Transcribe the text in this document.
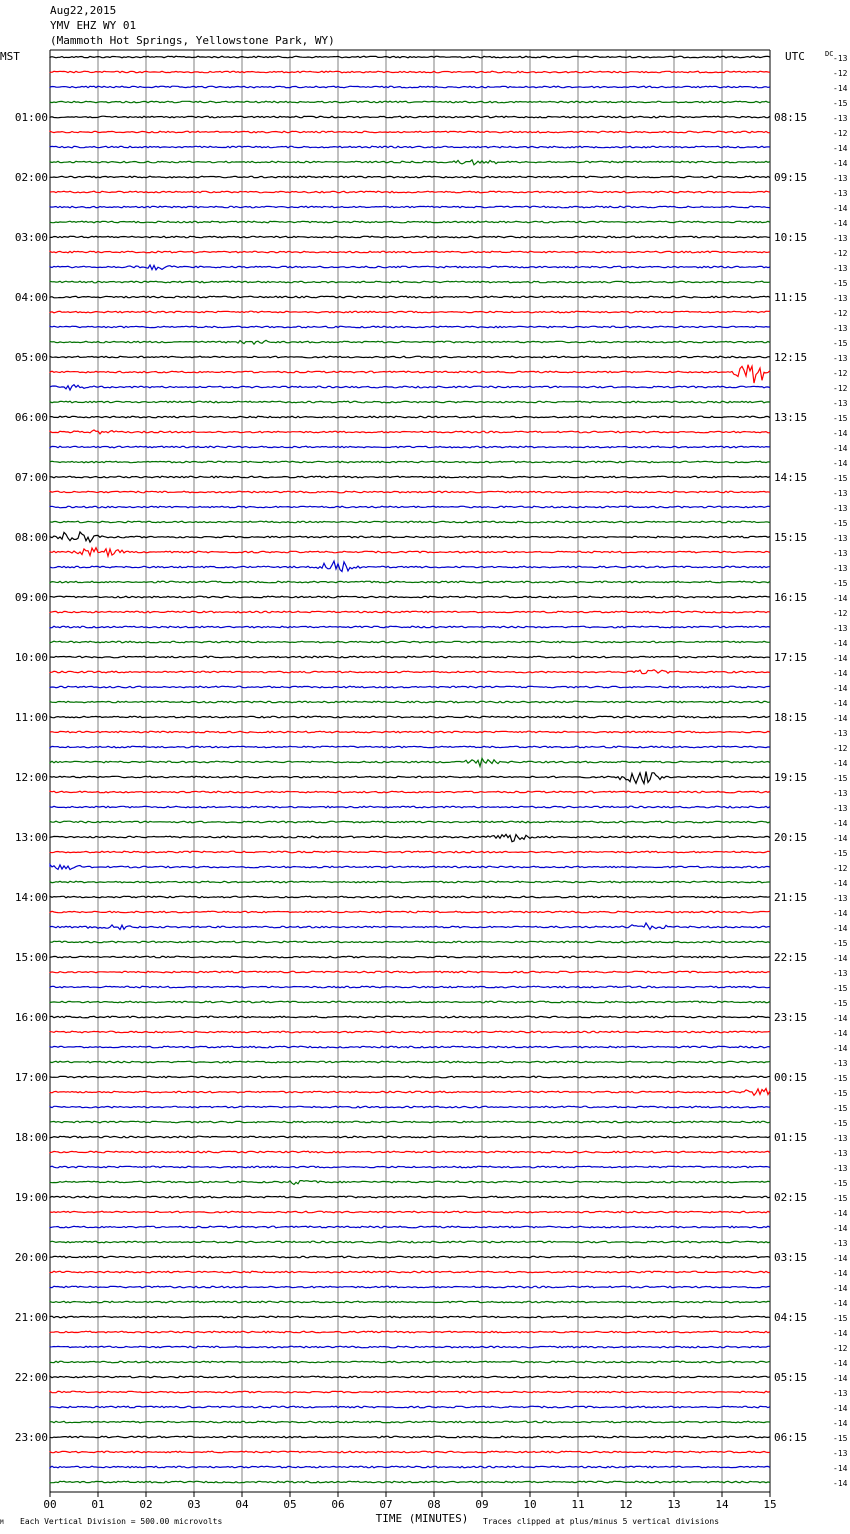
Aug22,2015
YMV EHZ WY 01
(Mammoth Hot Springs, Yellowstone Park, WY)
-13
-12
-14
-15
-13
-12
-14
-14
-13
-13
-14
-14
-13
-12
-13
-15
-13
-12
-13
-15
-13
-12
-12
-13
-15
-14
-14
-14
-15
-13
-13
-15
-13
-13
-13
-15
-14
-12
-13
-14
-14
-14
-14
-14
-14
-13
-12
-14
-15
-13
-13
-14
-14
-15
-12
-14
-13
-14
-14
-15
-14
-13
-15
-15
-14
-14
-14
-13
-15
-15
-15
-15
-13
-13
-13
-15
-15
-14
-14
-13
-14
-14
-14
-14
-15
-14
-12
-14
-14
-13
-14
-14
-15
-13
-14
-14
MST
01:00
02:00
03:00
04:00
05:00
06:00
07:00
08:00
09:00
10:00
11:00
12:00
13:00
14:00
15:00
16:00
17:00
18:00
19:00
20:00
21:00
22:00
23:00
UTC
08:15
09:15
10:15
11:15
12:15
13:15
14:15
15:15
16:15
17:15
18:15
19:15
20:15
21:15
22:15
23:15
00:15
01:15
02:15
03:15
04:15
05:15
06:15
DC
00	01	02	03	04	05	06	07	08	09	10	11	12	13	14	15
Each Vertical Division = 500.00 microvolts	TIME (MINUTES) Traces clipped at plus/minus 5 vertical divisions
M
